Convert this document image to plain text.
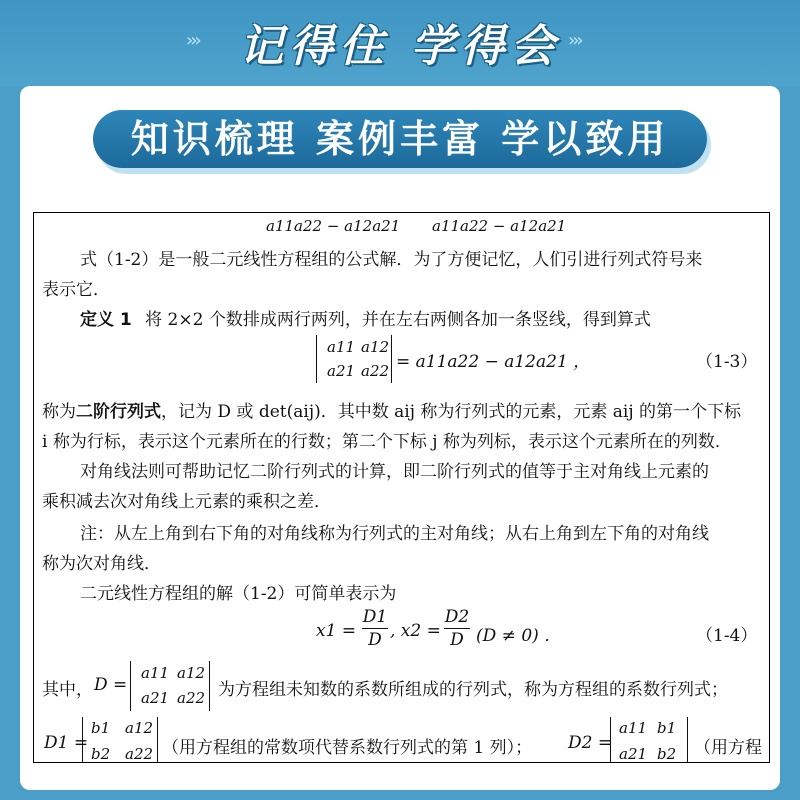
››› 记得住 学得会 ›››
知识梳理 案例丰富 学以致用
a11a22 − a12a21 a11a22 − a12a21
式（1-2）是一般二元线性方程组的公式解．为了方便记忆，人们引进行列式符号来
表示它．
定义 1 将 2×2 个数排成两行两列，并在左右两侧各加一条竖线，得到算式
a11 a12
a21 a22 = a11a22 − a12a21 ，	（1-3）
称为二阶行列式，记为 D 或 det(aij)．其中数 aij 称为行列式的元素，元素 aij 的第一个下标
i 称为行标，表示这个元素所在的行数；第二个下标 j 称为列标，表示这个元素所在的列数．
对角线法则可帮助记忆二阶行列式的计算，即二阶行列式的值等于主对角线上元素的
乘积减去次对角线上元素的乘积之差．
注：从左上角到右下角的对角线称为行列式的主对角线；从右上角到左下角的对角线
称为次对角线．
二元线性方程组的解（1-2）可简单表示为
x1 =
D1
D , x2 =
D2
D (D ≠ 0) ．	（1-4）
其中， D =
a11 a12
a21 a22 为方程组未知数的系数所组成的行列式，称为方程组的系数行列式；
D1 =
b1 a12
b2 a22 （用方程组的常数项代替系数行列式的第 1 列）； D2 =
a11 b1
a21 b2 （用方程
